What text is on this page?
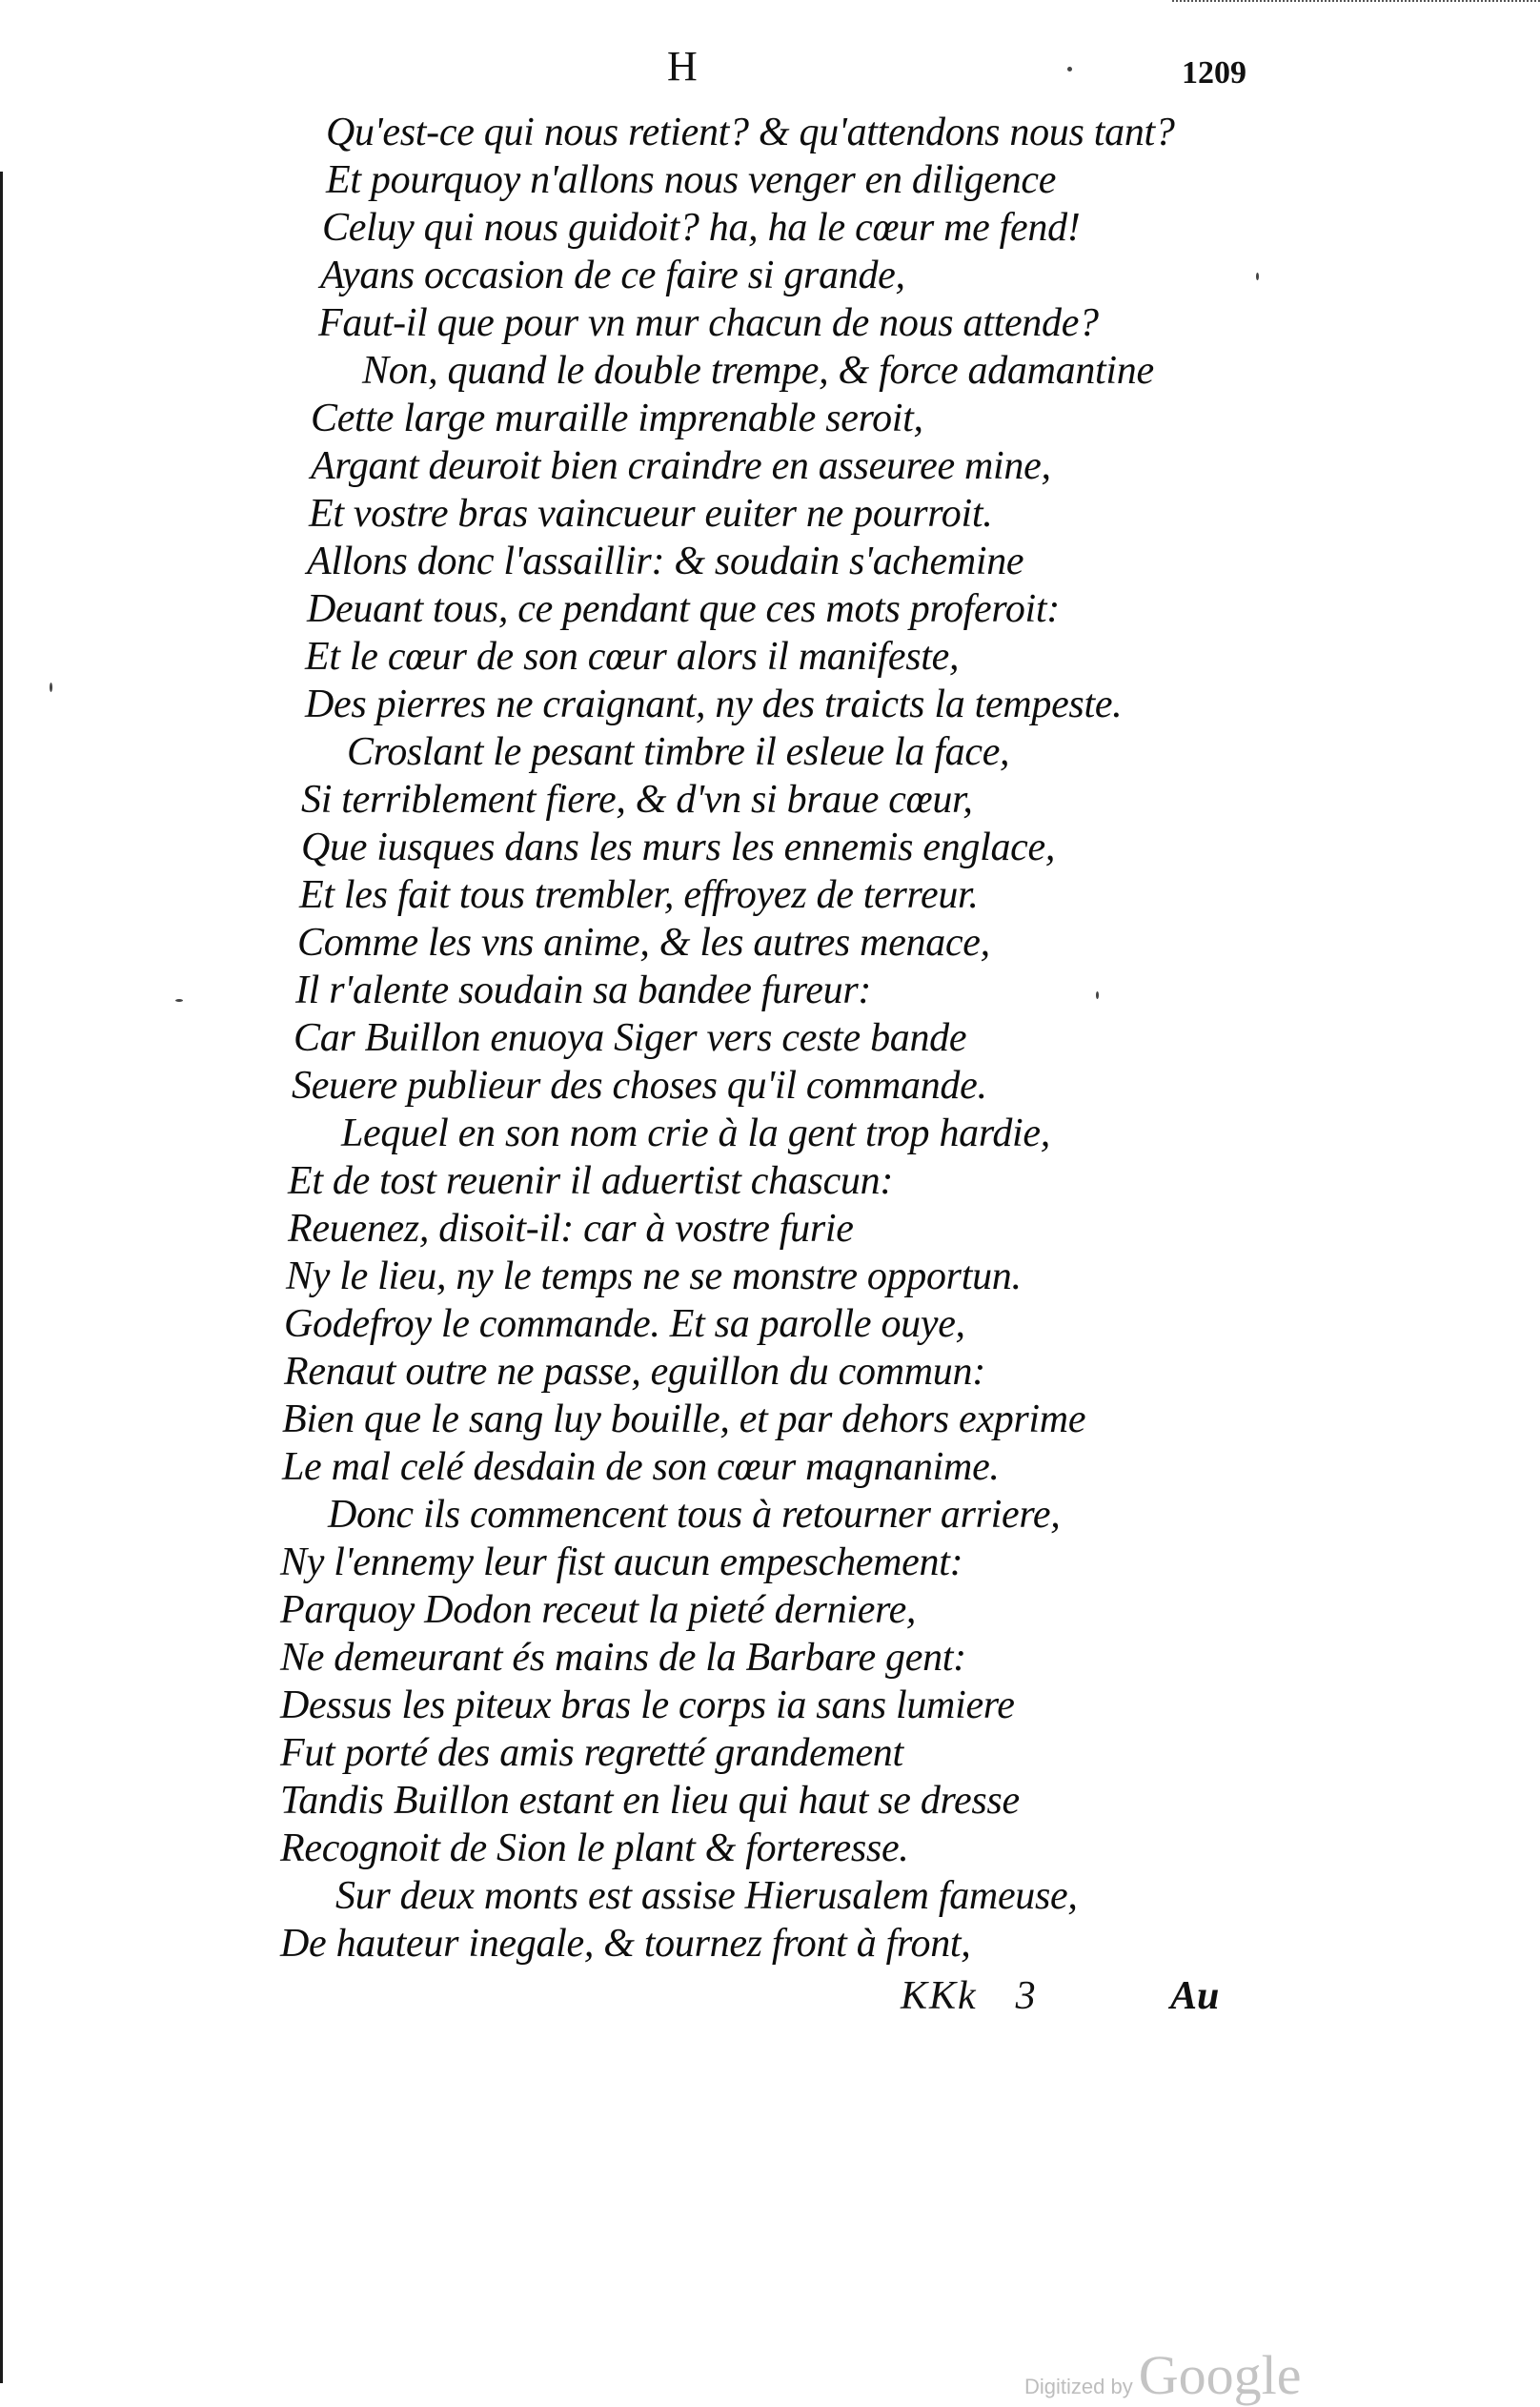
H	1209
Qu'est-ce qui nous retient? & qu'attendons nous tant?
Et pourquoy n'allons nous venger en diligence
Celuy qui nous guidoit? ha, ha le cœur me fend!
Ayans occasion de ce faire si grande,
Faut-il que pour vn mur chacun de nous attende?
Non, quand le double trempe, & force adamantine
Cette large muraille imprenable seroit,
Argant deuroit bien craindre en asseuree mine,
Et vostre bras vaincueur euiter ne pourroit.
Allons donc l'assaillir: & soudain s'achemine
Deuant tous, ce pendant que ces mots proferoit:
Et le cœur de son cœur alors il manifeste,
Des pierres ne craignant, ny des traicts la tempeste.
Croslant le pesant timbre il esleue la face,
Si terriblement fiere, & d'vn si braue cœur,
Que iusques dans les murs les ennemis englace,
Et les fait tous trembler, effroyez de terreur.
Comme les vns anime, & les autres menace,
Il r'alente soudain sa bandee fureur:
Car Buillon enuoya Siger vers ceste bande
Seuere publieur des choses qu'il commande.
Lequel en son nom crie à la gent trop hardie,
Et de tost reuenir il aduertist chascun:
Reuenez, disoit-il: car à vostre furie
Ny le lieu, ny le temps ne se monstre opportun.
Godefroy le commande. Et sa parolle ouye,
Renaut outre ne passe, eguillon du commun:
Bien que le sang luy bouille, et par dehors exprime
Le mal celé desdain de son cœur magnanime.
Donc ils commencent tous à retourner arriere,
Ny l'ennemy leur fist aucun empeschement:
Parquoy Dodon receut la pieté derniere,
Ne demeurant és mains de la Barbare gent:
Dessus les piteux bras le corps ia sans lumiere
Fut porté des amis regretté grandement
Tandis Buillon estant en lieu qui haut se dresse
Recognoit de Sion le plant & forteresse.
Sur deux monts est assise Hierusalem fameuse,
De hauteur inegale, & tournez front à front,
KKk 3	Au
Digitized by Google
